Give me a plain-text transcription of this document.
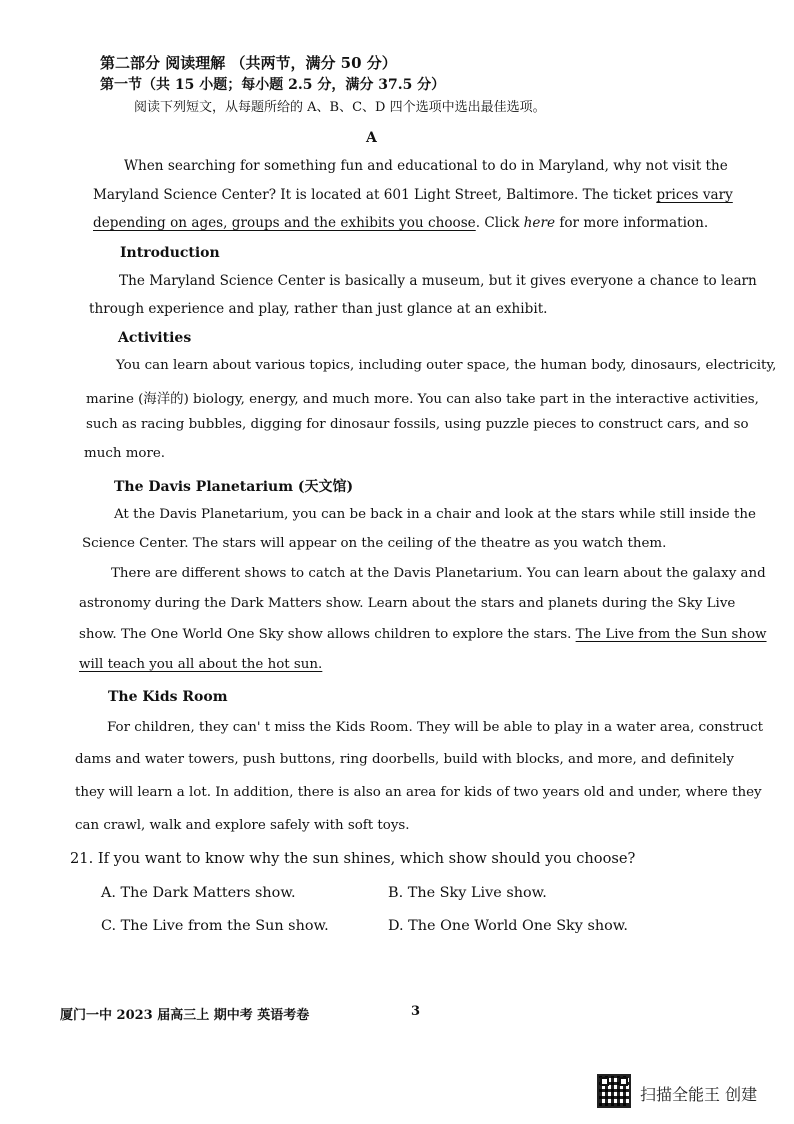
第二部分 阅读理解 （共两节，满分 50 分）
第一节（共 15 小题；每小题 2.5 分，满分 37.5 分）
阅读下列短文，从每题所给的 A、B、C、D 四个选项中选出最佳选项。
A
When searching for something fun and educational to do in Maryland, why not visit the
Maryland Science Center? It is located at 601 Light Street, Baltimore. The ticket prices vary
depending on ages, groups and the exhibits you choose. Click here for more information.
Introduction
The Maryland Science Center is basically a museum, but it gives everyone a chance to learn
through experience and play, rather than just glance at an exhibit.
Activities
You can learn about various topics, including outer space, the human body, dinosaurs, electricity,
marine (海洋的) biology, energy, and much more. You can also take part in the interactive activities,
such as racing bubbles, digging for dinosaur fossils, using puzzle pieces to construct cars, and so
much more.
The Davis Planetarium (天文馆)
At the Davis Planetarium, you can be back in a chair and look at the stars while still inside the
Science Center. The stars will appear on the ceiling of the theatre as you watch them.
There are different shows to catch at the Davis Planetarium. You can learn about the galaxy and
astronomy during the Dark Matters show. Learn about the stars and planets during the Sky Live
show. The One World One Sky show allows children to explore the stars. The Live from the Sun show
will teach you all about the hot sun.
The Kids Room
For children, they can' t miss the Kids Room. They will be able to play in a water area, construct
dams and water towers, push buttons, ring doorbells, build with blocks, and more, and definitely
they will learn a lot. In addition, there is also an area for kids of two years old and under, where they
can crawl, walk and explore safely with soft toys.
21. If you want to know why the sun shines, which show should you choose?
A. The Dark Matters show.	B. The Sky Live show.
C. The Live from the Sun show.	D. The One World One Sky show.
厦门一中 2023 届高三上 期中考 英语考卷	3
扫描全能王 创建
